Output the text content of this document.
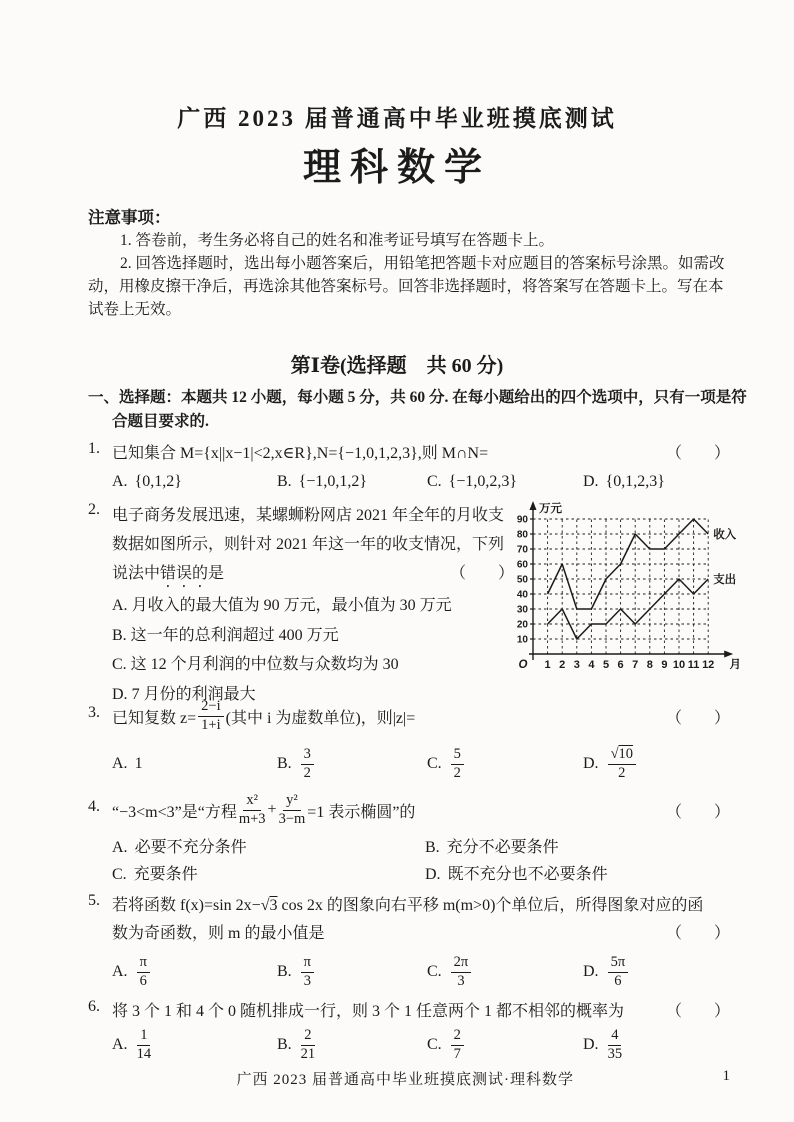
广西 2023 届普通高中毕业班摸底测试
理科数学
注意事项：
1. 答卷前，考生务必将自己的姓名和准考证号填写在答题卡上。
2. 回答选择题时，选出每小题答案后，用铅笔把答题卡对应题目的答案标号涂黑。如需改
动，用橡皮擦干净后，再选涂其他答案标号。回答非选择题时，将答案写在答题卡上。写在本
试卷上无效。
第Ⅰ卷(选择题　共 60 分)
一、选择题：本题共 12 小题，每小题 5 分，共 60 分. 在每小题给出的四个选项中，只有一项是符
合题目要求的.
1. 已知集合 M={x||x−1|<2,x∈R},N={−1,0,1,2,3},则 M∩N=	（　　）
A. {0,1,2}	B. {−1,0,1,2}	C. {−1,0,2,3}	D. {0,1,2,3}
2. 电子商务发展迅速，某螺蛳粉网店 2021 年全年的月收支
数据如图所示，则针对 2021 年这一年的收支情况，下列
说法中 错误的 是	（　　）
A. 月收入的最大值为 90 万元，最小值为 30 万元
B. 这一年的总利润超过 400 万元
C. 这 12 个月利润的中位数与众数均为 30
D. 7 月份的利润最大
10
20
30
40
50
60
70
80
90
1 2 3 4 5 6 7 8 9 10 11 12
O
万元
月
收入
支出
3. 已知复数 $z= \frac{2-i}{1+i}$ (其中 i 为虚数单位)，则|z|=	（　　）
A. 1	B. $\frac{3}{2}$	C. $\frac{5}{2}$	D. $\frac{√10}{2}$
4. “−3<m<3”是“方程 $\frac{\text{x²}}{m+3} + \frac{\text{y²}}{3-m} =1$ 表示椭圆”的	（　　）
A. 必要不充分条件	B. 充分不必要条件
C. 充要条件	D. 既不充分也不必要条件
5. 若将函数 f(x)=sin 2x−√3 cos 2x 的图象向右平移 m(m>0)个单位后，所得图象对应的函
数为奇函数，则 m 的最小值是	（　　）
A. $\frac{\pi}{6}$	B. $\frac{\pi}{3}$	C. $\frac{2\pi}{3}$	D. $\frac{5\pi}{6}$
6. 将 3 个 1 和 4 个 0 随机排成一行，则 3 个 1 任意两个 1 都不相邻的概率为	（　　）
A. $\frac{1}{14}$	B. $\frac{2}{21}$	C. $\frac{2}{7}$	D. $\frac{4}{35}$
广西 2023 届普通高中毕业班摸底测试·理科数学	1
